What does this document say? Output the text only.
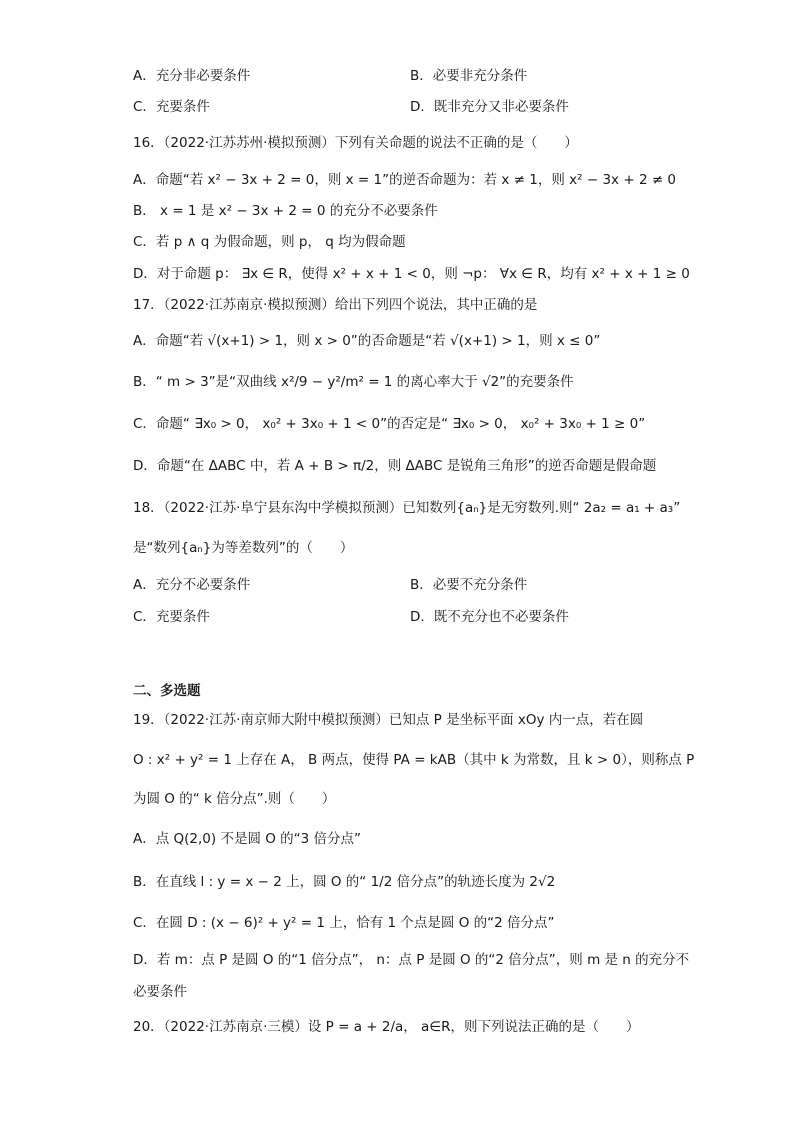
A．充分非必要条件	B．必要非充分条件
C．充要条件	D．既非充分又非必要条件
16．（2022·江苏苏州·模拟预测）下列有关命题的说法不正确的是（　　）
A．命题“若 x² − 3x + 2 = 0，则 x = 1”的逆否命题为：若 x ≠ 1，则 x² − 3x + 2 ≠ 0
B． x = 1 是 x² − 3x + 2 = 0 的充分不必要条件
C．若 p ∧ q 为假命题，则 p， q 均为假命题
D．对于命题 p： ∃x ∈ R，使得 x² + x + 1 < 0，则 ¬p： ∀x ∈ R，均有 x² + x + 1 ≥ 0
17．（2022·江苏南京·模拟预测）给出下列四个说法，其中正确的是
A．命题“若 √(x+1) > 1，则 x > 0”的否命题是“若 √(x+1) > 1，则 x ≤ 0”
B．“ m > 3”是“双曲线 x²/9 − y²/m² = 1 的离心率大于 √2”的充要条件
C．命题“ ∃x₀ > 0， x₀² + 3x₀ + 1 < 0”的否定是“ ∃x₀ > 0， x₀² + 3x₀ + 1 ≥ 0”
D．命题“在 ΔABC 中，若 A + B > π/2，则 ΔABC 是锐角三角形”的逆否命题是假命题
18．（2022·江苏·阜宁县东沟中学模拟预测）已知数列{aₙ}是无穷数列.则“ 2a₂ = a₁ + a₃”
是“数列{aₙ}为等差数列”的（　　）
A．充分不必要条件	B．必要不充分条件
C．充要条件	D．既不充分也不必要条件
二、多选题
19．（2022·江苏·南京师大附中模拟预测）已知点 P 是坐标平面 xOy 内一点，若在圆
O : x² + y² = 1 上存在 A， B 两点，使得 PA = kAB（其中 k 为常数，且 k > 0），则称点 P
为圆 O 的“ k 倍分点”.则（　　）
A．点 Q(2,0) 不是圆 O 的“3 倍分点”
B．在直线 l : y = x − 2 上，圆 O 的“ 1/2 倍分点”的轨迹长度为 2√2
C．在圆 D : (x − 6)² + y² = 1 上，恰有 1 个点是圆 O 的“2 倍分点”
D．若 m：点 P 是圆 O 的“1 倍分点”， n：点 P 是圆 O 的“2 倍分点”，则 m 是 n 的充分不
必要条件
20．（2022·江苏南京·三模）设 P = a + 2/a， a∈R，则下列说法正确的是（　　）
